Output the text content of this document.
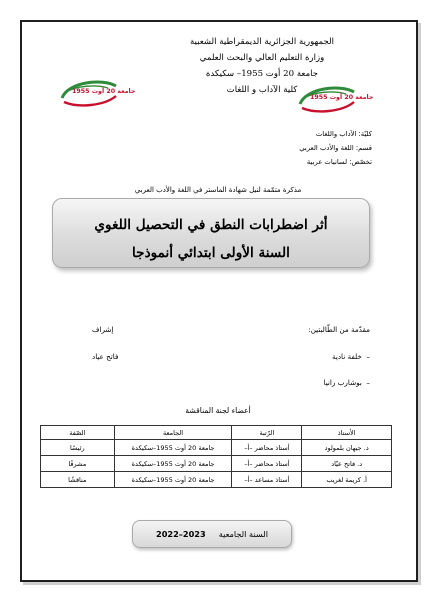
الجمهورية الجزائرية الديمقراطية الشعبية
وزارة التعليم العالي والبحث العلمي
جامعة 20 أوت 1955– سكيكدة
كلية الآداب و اللغات
جامعة 20 أوت 1955
جامعة 20 أوت 1955
كليّة: الآداب واللغات
قسم: اللغة والأدب العربي
تخصّص: لسانيات عربية
مذكرة متمّمة لنيل شهادة الماستر في اللغة والأدب العربي
أثر اضطرابات النطق في التحصيل اللغوي
السنة الأولى ابتدائي أنموذجا
مقدّمة من الطّالبتين:
إشراف
–  خلفة نادية
فاتح عياد
–  بوشارب رانيا
أعضاء لجنة المناقشة
الأستاذ	الرّتبة	الجامعة	الصّفة
د. جيهان بلمولود	أستاذ محاضر –أ–	جامعة 20 أوت 1955–سكيكدة	رئيسًا
د. فاتح عيّاد	أستاذ محاضر –أ–	جامعة 20 أوت 1955–سكيكدة	مشرفًا
أ. كريمة لغريب	أستاذ مساعد –أ–	جامعة 20 أوت 1955–سكيكدة	مناقشًا
2022–2023 السنة الجامعية
